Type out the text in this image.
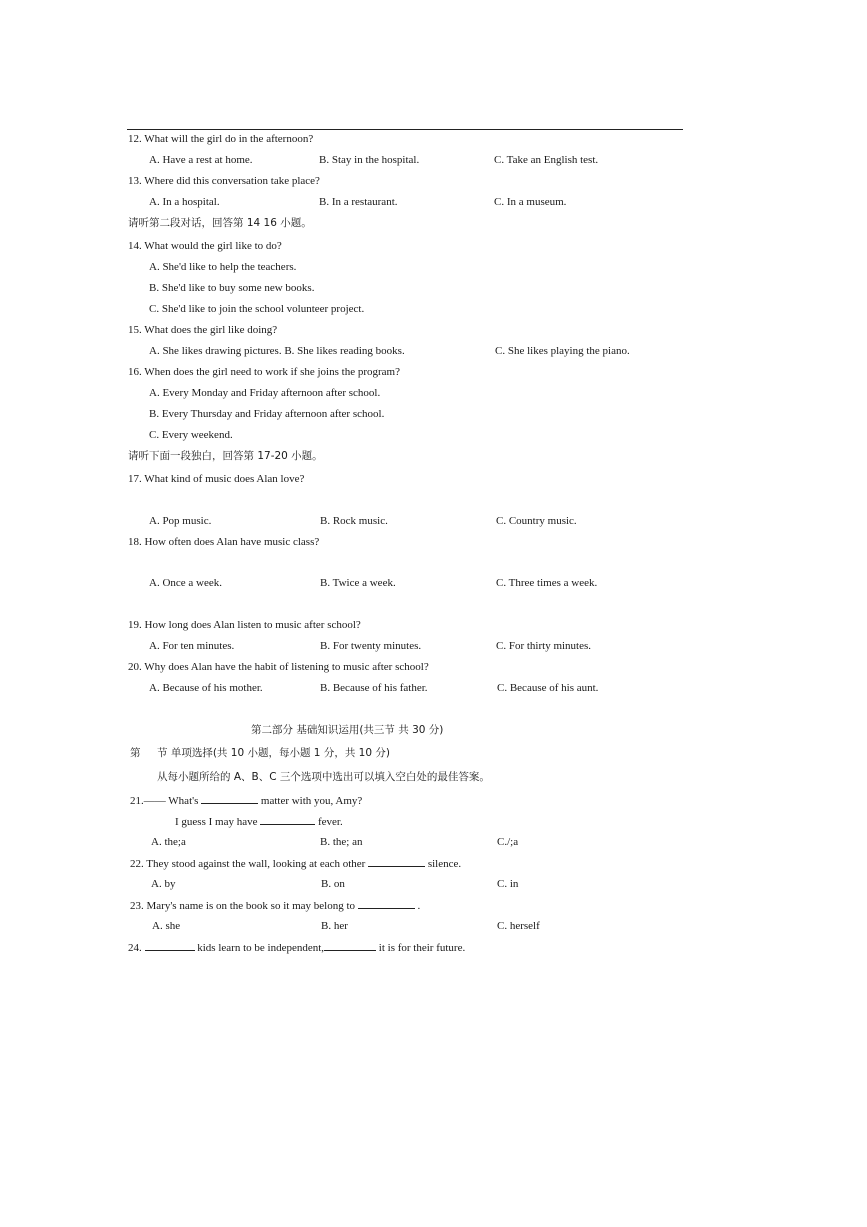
12. What will the girl do in the afternoon?
A. Have a rest at home.	B. Stay in the hospital.	C. Take an English test.
13. Where did this conversation take place?
A. In a hospital.	B. In a restaurant.	C. In a museum.
请听第二段对话，回答第 14 16 小题。
14. What would the girl like to do?
A. She'd like to help the teachers.
B. She'd like to buy some new books.
C. She'd like to join the school volunteer project.
15. What does the girl like doing?
A. She likes drawing pictures. B. She likes reading books.	C. She likes playing the piano.
16. When does the girl need to work if she joins the program?
A. Every Monday and Friday afternoon after school.
B. Every Thursday and Friday afternoon after school.
C. Every weekend.
请听下面一段独白，回答第 17-20 小题。
17. What kind of music does Alan love?
A. Pop music.	B. Rock music.	C. Country music.
18. How often does Alan have music class?
A. Once a week.	B. Twice a week.	C. Three times a week.
19. How long does Alan listen to music after school?
A. For ten minutes.	B. For twenty minutes.	C. For thirty minutes.
20. Why does Alan have the habit of listening to music after school?
A. Because of his mother.	B. Because of his father.	C. Because of his aunt.
第二部分 基础知识运用(共三节 共 30 分)
第 节 单项选择(共 10 小题，每小题 1 分，共 10 分)
从每小题所给的 A、B、C 三个选项中选出可以填入空白处的最佳答案。
21.—— What's	matter with you, Amy?
I guess I may have	fever.
A. the;a	B. the; an	C./;a
22. They stood against the wall, looking at each other	silence.
A. by	B. on	C. in
23. Mary's name is on the book so it may belong to	.
A. she	B. her	C. herself
24.	kids learn to be independent,	it is for their future.
